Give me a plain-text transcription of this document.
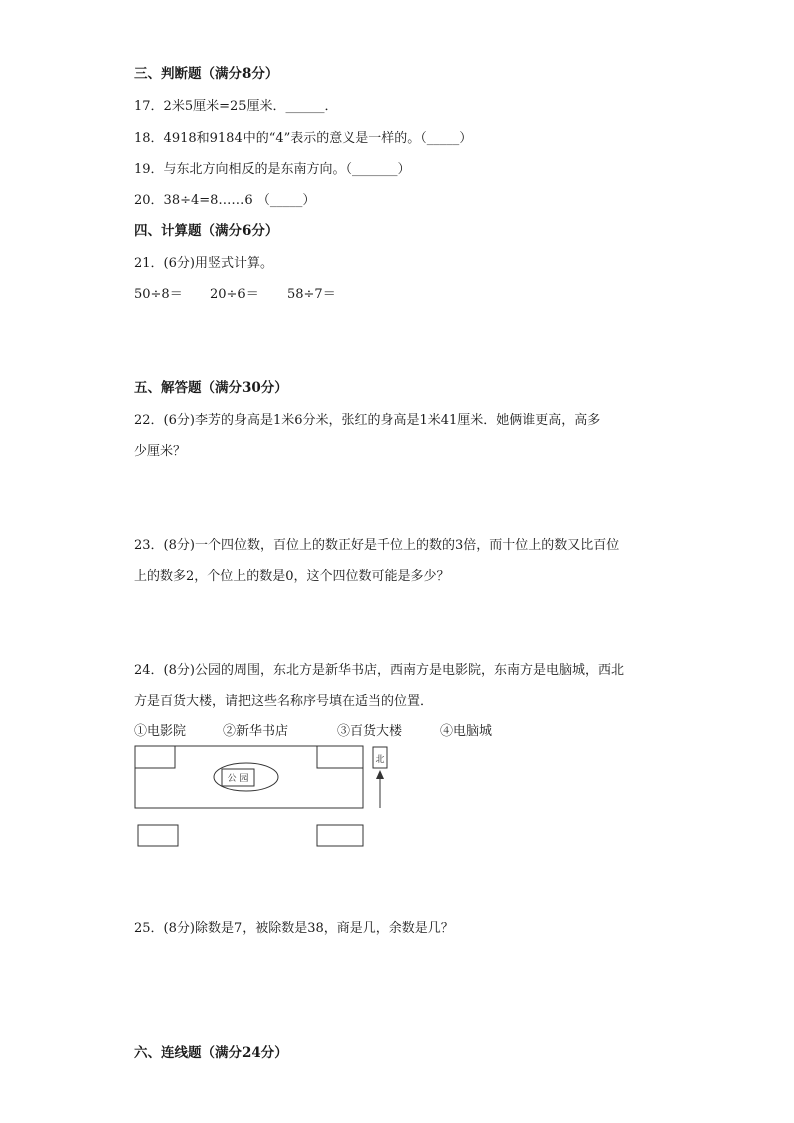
三、判断题（满分8分）
17．2米5厘米=25厘米．______．
18．4918和9184中的“4”表示的意义是一样的。（_____）
19．与东北方向相反的是东南方向。（_______）
20．38÷4=8……6 （_____）
四、计算题（满分6分）
21．(6分)用竖式计算。
50÷8＝ 20÷6＝ 58÷7＝
五、解答题（满分30分）
22．(6分)李芳的身高是1米6分米，张红的身高是1米41厘米．她俩谁更高，高多
少厘米？
23．(8分)一个四位数，百位上的数正好是千位上的数的3倍，而十位上的数又比百位
上的数多2，个位上的数是0，这个四位数可能是多少？
24．(8分)公园的周围，东北方是新华书店，西南方是电影院，东南方是电脑城，西北
方是百货大楼，请把这些名称序号填在适当的位置．
①电影院	②新华书店	③百货大楼	④电脑城
公 园
北
25．(8分)除数是7，被除数是38，商是几，余数是几？
六、连线题（满分24分）
